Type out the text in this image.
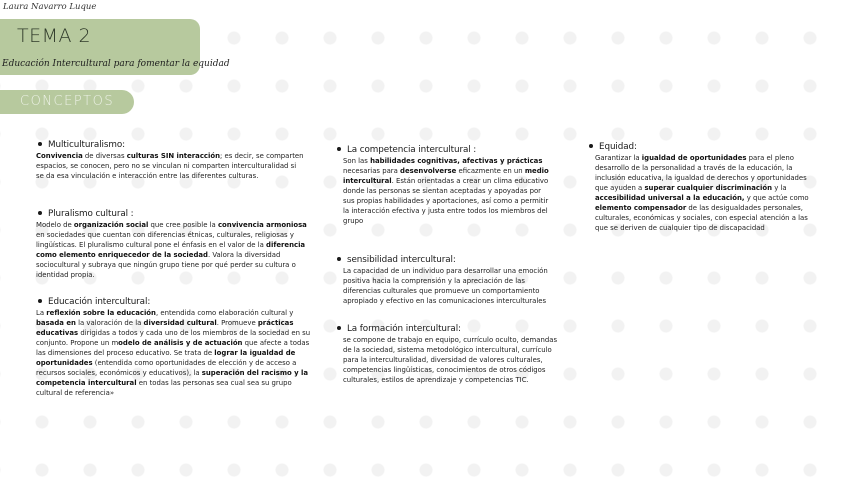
Laura Navarro Luque
TEMA 2
Educación Intercultural para fomentar la equidad
CONCEPTOS
Multiculturalismo:
Convivencia de diversas culturas SIN interacción; es decir, se comparten espacios, se conocen, pero no se vinculan ni comparten interculturalidad si se da esa vinculación e interacción entre las diferentes culturas.
Pluralismo cultural :
Modelo de organización social que cree posible la convivencia armoniosa en sociedades que cuentan con diferencias étnicas, culturales, religiosas y lingüísticas. El pluralismo cultural pone el énfasis en el valor de la diferencia como elemento enriquecedor de la sociedad. Valora la diversidad sociocultural y subraya que ningún grupo tiene por qué perder su cultura o identidad propia.
Educación intercultural:
La reflexión sobre la educación, entendida como elaboración cultural y basada en la valoración de la diversidad cultural. Promueve prácticas educativas dirigidas a todos y cada uno de los miembros de la sociedad en su conjunto. Propone un modelo de análisis y de actuación que afecte a todas las dimensiones del proceso educativo. Se trata de lograr la igualdad de oportunidades (entendida como oportunidades de elección y de acceso a recursos sociales, económicos y educativos), la superación del racismo y la competencia intercultural en todas las personas sea cual sea su grupo cultural de referencia»
La competencia intercultural :
Son las habilidades cognitivas, afectivas y prácticas necesarias para desenvolverse eficazmente en un medio intercultural. Están orientadas a crear un clima educativo donde las personas se sientan aceptadas y apoyadas por sus propias habilidades y aportaciones, así como a permitir la interacción efectiva y justa entre todos los miembros del grupo
sensibilidad intercultural:
La capacidad de un individuo para desarrollar una emoción positiva hacia la comprensión y la apreciación de las diferencias culturales que promueve un comportamiento apropiado y efectivo en las comunicaciones interculturales
La formación intercultural:
se compone de trabajo en equipo, currículo oculto, demandas de la sociedad, sistema metodológico intercultural, currículo para la interculturalidad, diversidad de valores culturales, competencias lingüísticas, conocimientos de otros códigos culturales, estilos de aprendizaje y competencias TIC.
Equidad:
Garantizar la igualdad de oportunidades para el pleno desarrollo de la personalidad a través de la educación, la inclusión educativa, la igualdad de derechos y oportunidades que ayuden a superar cualquier discriminación y la accesibilidad universal a la educación, y que actúe como elemento compensador de las desigualdades personales, culturales, económicas y sociales, con especial atención a las que se deriven de cualquier tipo de discapacidad
